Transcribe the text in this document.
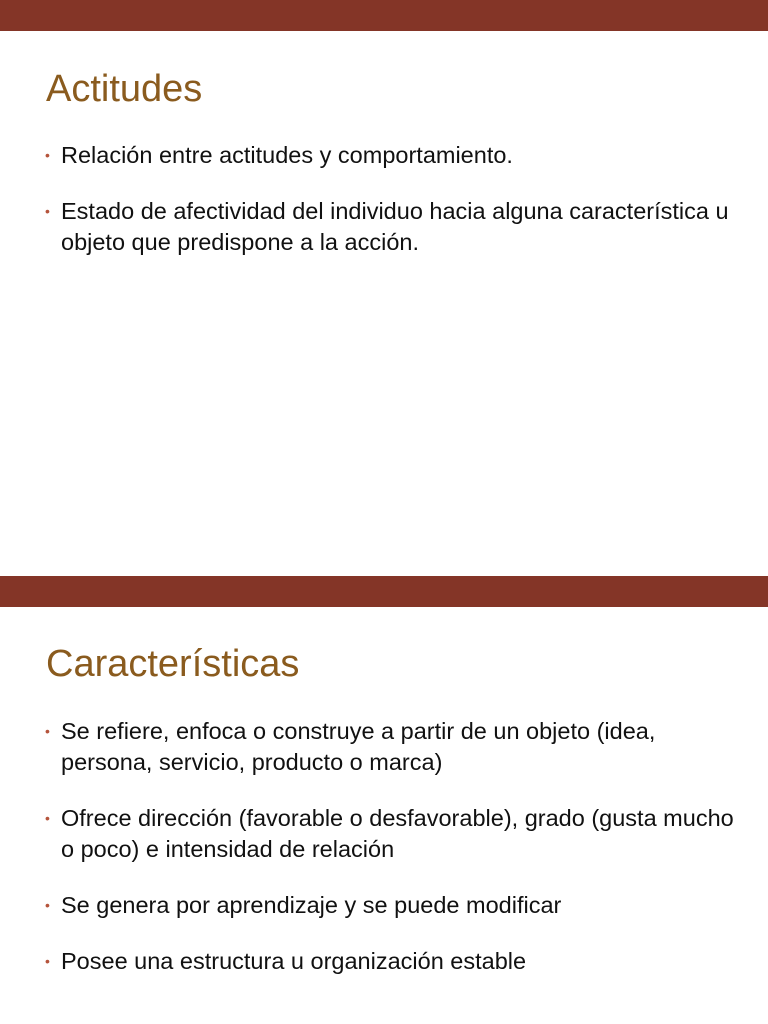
Actitudes
• Relación entre actitudes y comportamiento.
• Estado de afectividad del individuo hacia alguna característica u objeto que predispone a la acción.
Características
• Se refiere, enfoca o construye a partir de un objeto (idea, persona, servicio, producto o marca)
• Ofrece dirección (favorable o desfavorable), grado (gusta mucho o poco) e intensidad de relación
• Se genera por aprendizaje y se puede modificar
• Posee una estructura u organización estable
